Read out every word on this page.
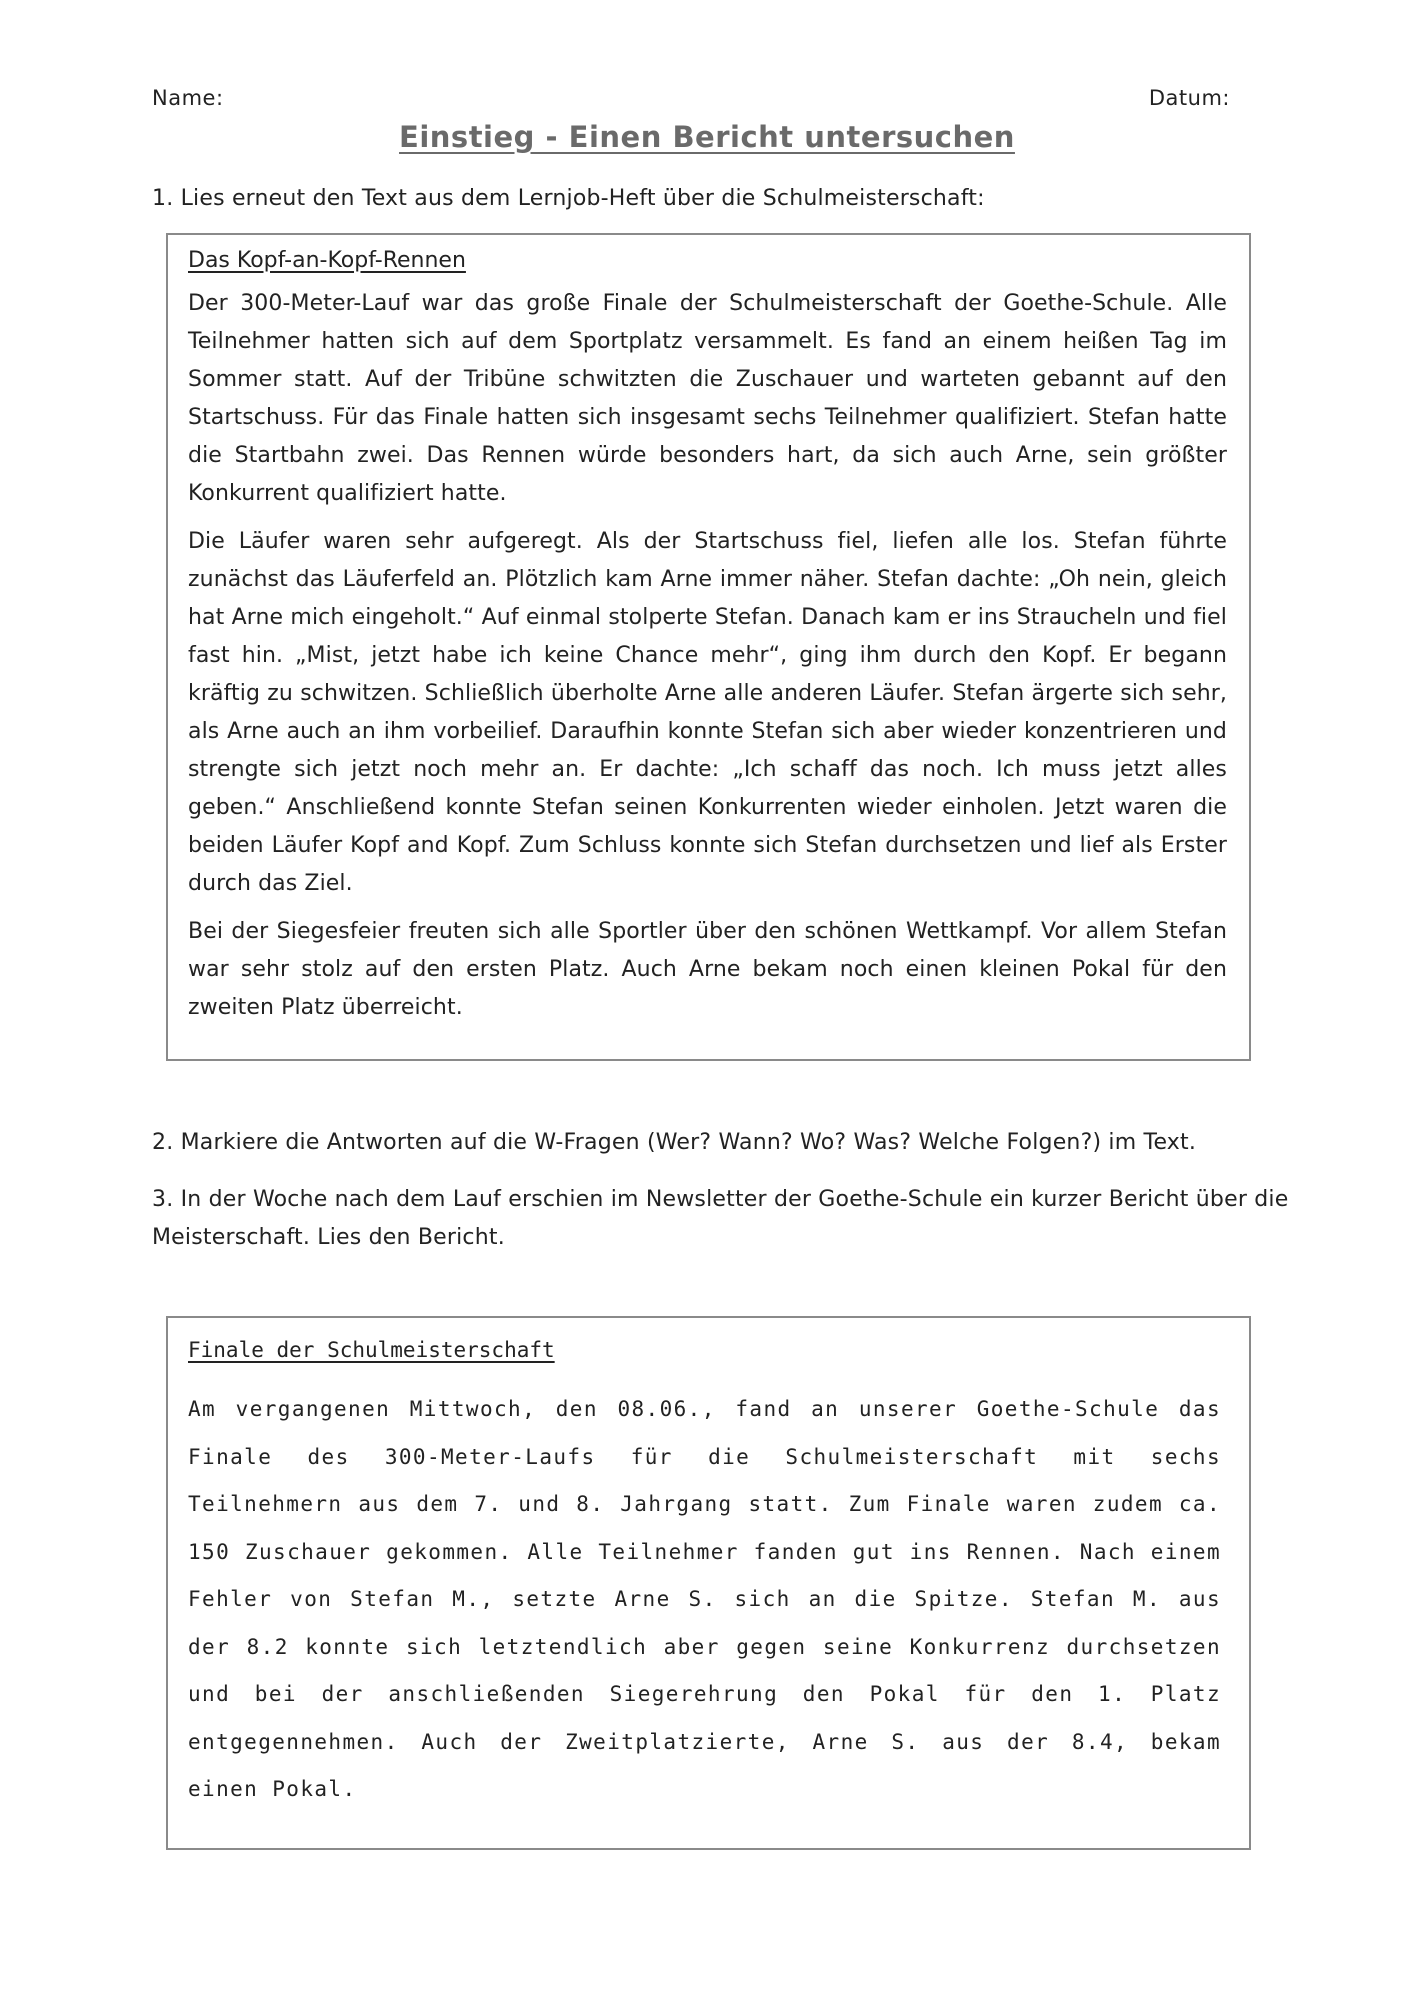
Name:	Datum:
Einstieg - Einen Bericht untersuchen
1. Lies erneut den Text aus dem Lernjob-Heft über die Schulmeisterschaft:
Das Kopf-an-Kopf-Rennen

Der 300-Meter-Lauf war das große Finale der Schulmeisterschaft der Goethe-Schule. Alle Teilnehmer hatten sich auf dem Sportplatz versammelt. Es fand an einem heißen Tag im Sommer statt. Auf der Tribüne schwitzten die Zuschauer und warteten gebannt auf den Startschuss. Für das Finale hatten sich insgesamt sechs Teilnehmer qualifiziert. Stefan hatte die Startbahn zwei. Das Rennen würde besonders hart, da sich auch Arne, sein größter Konkurrent qualifiziert hatte.

Die Läufer waren sehr aufgeregt. Als der Startschuss fiel, liefen alle los. Stefan führte zunächst das Läuferfeld an. Plötzlich kam Arne immer näher. Stefan dachte: „Oh nein, gleich hat Arne mich eingeholt.“ Auf einmal stolperte Stefan. Danach kam er ins Straucheln und fiel fast hin. „Mist, jetzt habe ich keine Chance mehr“, ging ihm durch den Kopf. Er begann kräftig zu schwitzen. Schließlich überholte Arne alle anderen Läufer. Stefan ärgerte sich sehr, als Arne auch an ihm vorbeilief. Daraufhin konnte Stefan sich aber wieder konzentrieren und strengte sich jetzt noch mehr an. Er dachte: „Ich schaff das noch. Ich muss jetzt alles geben.“ Anschließend konnte Stefan seinen Konkurrenten wieder einholen. Jetzt waren die beiden Läufer Kopf and Kopf. Zum Schluss konnte sich Stefan durchsetzen und lief als Erster durch das Ziel.

Bei der Siegesfeier freuten sich alle Sportler über den schönen Wettkampf. Vor allem Stefan war sehr stolz auf den ersten Platz. Auch Arne bekam noch einen kleinen Pokal für den zweiten Platz überreicht.

2. Markiere die Antworten auf die W-Fragen (Wer? Wann? Wo? Was? Welche Folgen?) im Text.
3. In der Woche nach dem Lauf erschien im Newsletter der Goethe-Schule ein kurzer Bericht über die Meisterschaft. Lies den Bericht.
Finale der Schulmeisterschaft

Am vergangenen Mittwoch, den 08.06., fand an unserer Goethe-Schule das Finale des 300-Meter-Laufs für die Schulmeisterschaft mit sechs Teilnehmern aus dem 7. und 8. Jahrgang statt. Zum Finale waren zudem ca. 150 Zuschauer gekommen. Alle Teilnehmer fanden gut ins Rennen. Nach einem Fehler von Stefan M., setzte Arne S. sich an die Spitze. Stefan M. aus der 8.2 konnte sich letztendlich aber gegen seine Konkurrenz durchsetzen und bei der anschließenden Siegerehrung den Pokal für den 1. Platz entgegennehmen. Auch der Zweitplatzierte, Arne S. aus der 8.4, bekam einen Pokal.
